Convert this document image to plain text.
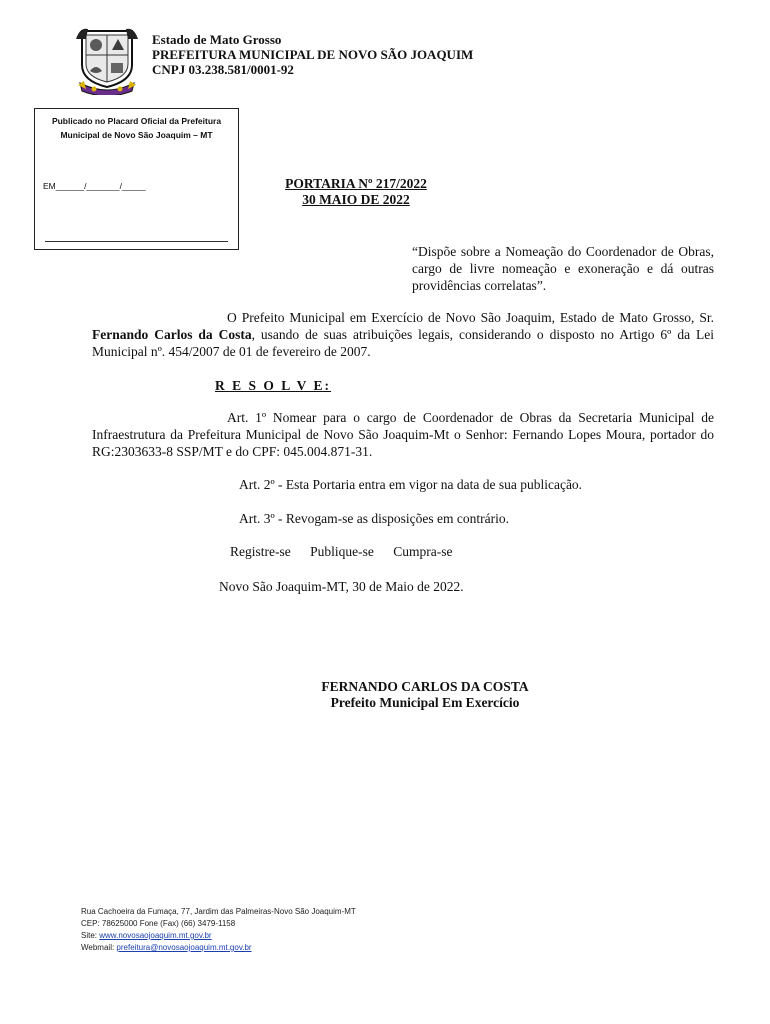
Estado de Mato Grosso
PREFEITURA MUNICIPAL DE NOVO SÃO JOAQUIM
CNPJ 03.238.581/0001-92
Publicado no Placard Oficial da Prefeitura Municipal de Novo São Joaquim – MT
EM______/_______/_____	PORTARIA Nº 217/2022
30 MAIO DE 2022
“Dispõe sobre a Nomeação do Coordenador de Obras, cargo de livre nomeação e exoneração e dá outras providências correlatas”.
O Prefeito Municipal em Exercício de Novo São Joaquim, Estado de Mato Grosso, Sr. Fernando Carlos da Costa, usando de suas atribuições legais, considerando o disposto no Artigo 6º da Lei Municipal nº. 454/2007 de 01 de fevereiro de 2007.
R E S O L V E:
Art. 1º Nomear para o cargo de Coordenador de Obras da Secretaria Municipal de Infraestrutura da Prefeitura Municipal de Novo São Joaquim-Mt o Senhor: Fernando Lopes Moura, portador do RG:2303633-8 SSP/MT e do CPF: 045.004.871-31.
Art. 2º - Esta Portaria entra em vigor na data de sua publicação.
Art. 3º - Revogam-se as disposições em contrário.
Registre-se Publique-se Cumpra-se
Novo São Joaquim-MT, 30 de Maio de 2022.
FERNANDO CARLOS DA COSTA
Prefeito Municipal Em Exercício
Rua Cachoeira da Fumaça, 77, Jardim das Palmeiras-Novo São Joaquim-MT
CEP: 78625000 Fone (Fax) (66) 3479-1158
Site: www.novosaojoaquim.mt.gov.br
Webmail: prefeitura@novosaojoaquim.mt.gov.br
